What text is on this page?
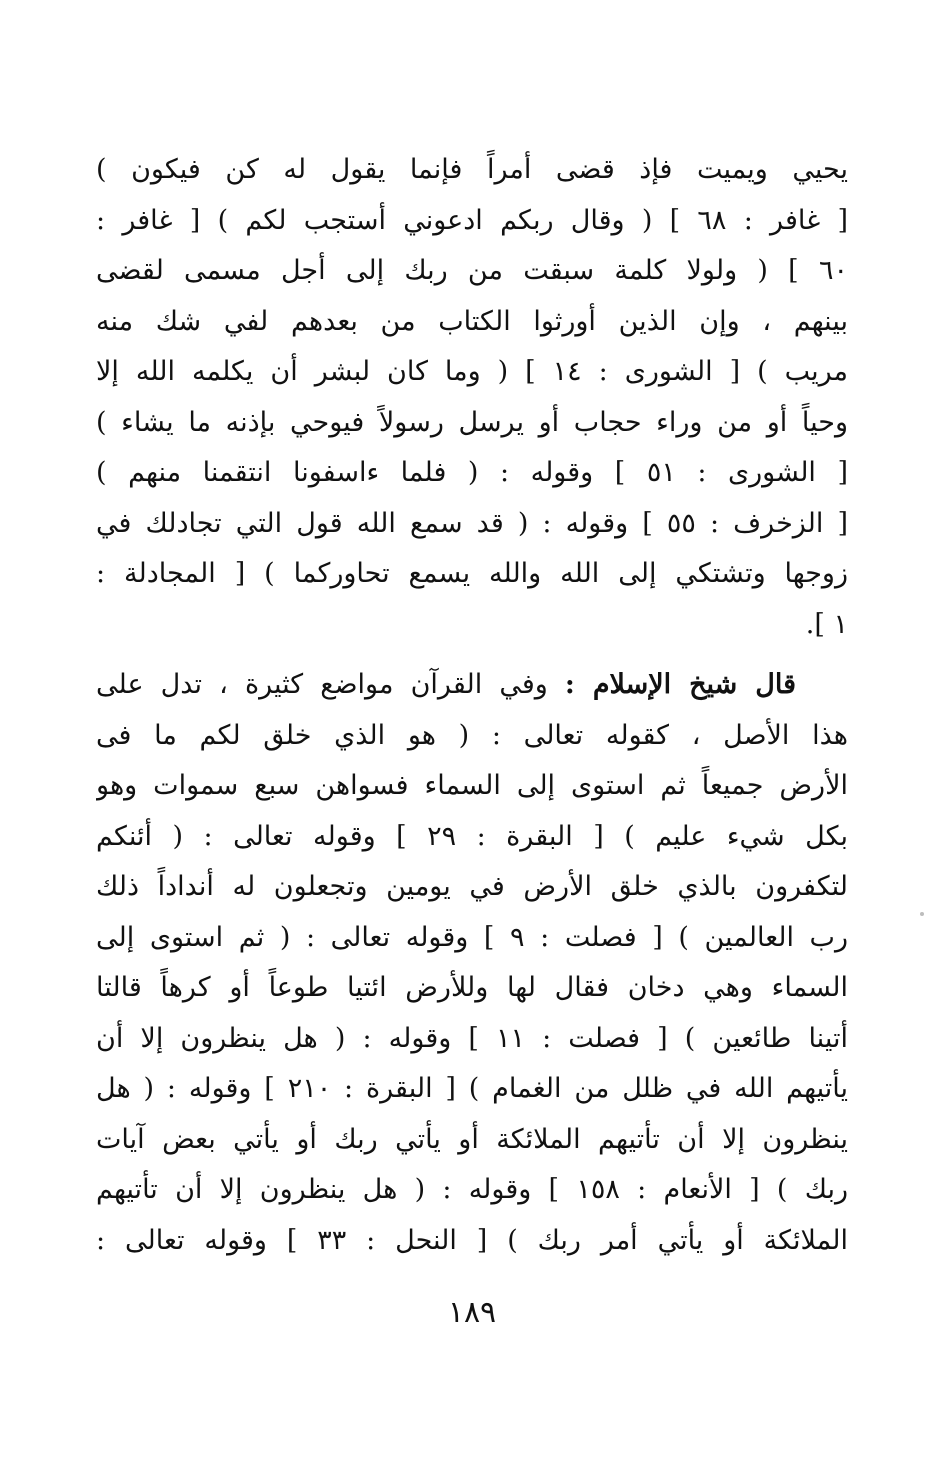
يحيي ويميت فإذ قضى أمراً فإنما يقول له كن فيكون )
[ غافر : ٦٨ ] ( وقال ربكم ادعوني أستجب لكم ) [ غافر :
٦٠ ] ( ولولا كلمة سبقت من ربك إلى أجل مسمى لقضى
بينهم ، وإن الذين أورثوا الكتاب من بعدهم لفي شك منه
مريب ) [ الشورى : ١٤ ] ( وما كان لبشر أن يكلمه الله إلا
وحياً أو من وراء حجاب أو يرسل رسولاً فيوحي بإذنه ما يشاء )
[ الشورى : ٥١ ] وقوله : ( فلما ءاسفونا انتقمنا منهم )
[ الزخرف : ٥٥ ] وقوله : ( قد سمع الله قول التي تجادلك في
زوجها وتشتكي إلى الله والله يسمع تحاوركما ) [ المجادلة :
١ ].
قال شيخ الإسلام : وفي القرآن مواضع كثيرة ، تدل على
هذا الأصل ، كقوله تعالى : ( هو الذي خلق لكم ما فى
الأرض جميعاً ثم استوى إلى السماء فسواهن سبع سموات وهو
بكل شيء عليم ) [ البقرة : ٢٩ ] وقوله تعالى : ( أئنكم
لتكفرون بالذي خلق الأرض في يومين وتجعلون له أنداداً ذلك
رب العالمين ) [ فصلت : ٩ ] وقوله تعالى : ( ثم استوى إلى
السماء وهي دخان فقال لها وللأرض ائتيا طوعاً أو كرهاً قالتا
أتينا طائعين ) [ فصلت : ١١ ] وقوله : ( هل ينظرون إلا أن
يأتيهم الله في ظلل من الغمام ) [ البقرة : ٢١٠ ] وقوله : ( هل
ينظرون إلا أن تأتيهم الملائكة أو يأتي ربك أو يأتي بعض آيات
ربك ) [ الأنعام : ١٥٨ ] وقوله : ( هل ينظرون إلا أن تأتيهم
الملائكة أو يأتي أمر ربك ) [ النحل : ٣٣ ] وقوله تعالى :
١٨٩
